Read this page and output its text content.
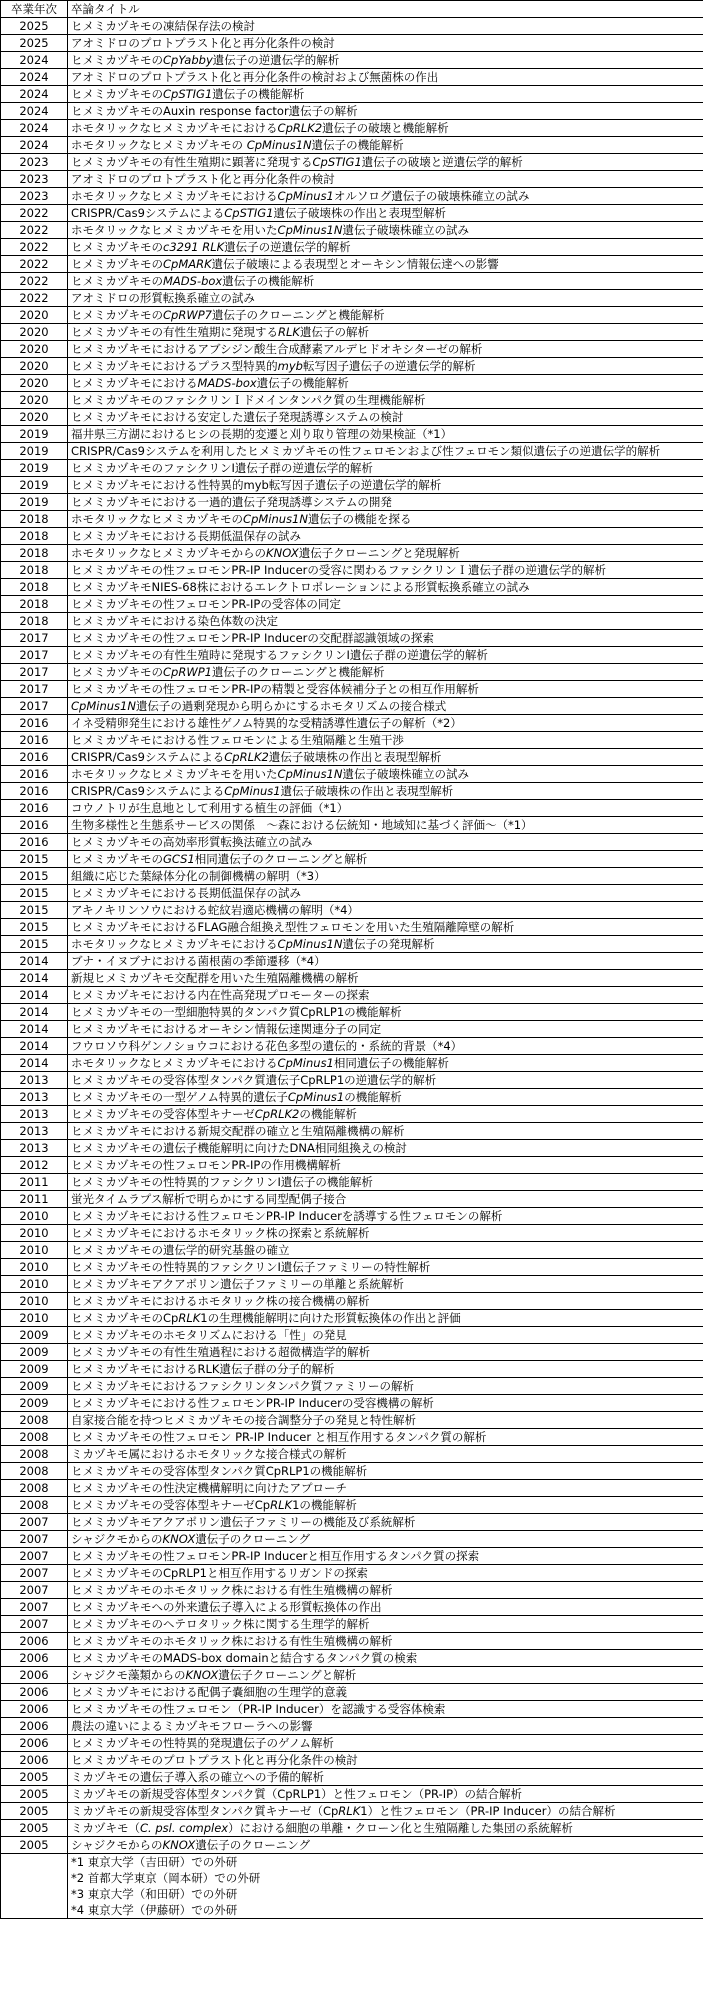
卒業年次	卒論タイトル
2025	ヒメミカヅキモの凍結保存法の検討
2025	アオミドロのプロトプラスト化と再分化条件の検討
2024	ヒメミカヅキモのCpYabby遺伝子の逆遺伝学的解析
2024	アオミドロのプロトプラスト化と再分化条件の検討および無菌株の作出
2024	ヒメミカヅキモのCpSTIG1遺伝子の機能解析
2024	ヒメミカヅキモのAuxin response factor遺伝子の解析
2024	ホモタリックなヒメミカヅキモにおけるCpRLK2遺伝子の破壊と機能解析
2024	ホモタリックなヒメミカヅキモの CpMinus1N遺伝子の機能解析
2023	ヒメミカヅキモの有性生殖期に顕著に発現するCpSTIG1遺伝子の破壊と逆遺伝学的解析
2023	アオミドロのプロトプラスト化と再分化条件の検討
2023	ホモタリックなヒメミカヅキモにおけるCpMinus1オルソログ遺伝子の破壊株確立の試み
2022	CRISPR/Cas9システムによるCpSTIG1遺伝子破壊株の作出と表現型解析
2022	ホモタリックなヒメミカヅキモを用いたCpMinus1N遺伝子破壊株確立の試み
2022	ヒメミカヅキモのc3291 RLK遺伝子の逆遺伝学的解析
2022	ヒメミカヅキモのCpMARK遺伝子破壊による表現型とオーキシン情報伝達への影響
2022	ヒメミカヅキモのMADS-box遺伝子の機能解析
2022	アオミドロの形質転換系確立の試み
2020	ヒメミカヅキモのCpRWP7遺伝子のクローニングと機能解析
2020	ヒメミカヅキモの有性生殖期に発現するRLK遺伝子の解析
2020	ヒメミカヅキモにおけるアブシジン酸生合成酵素アルデヒドオキシターゼの解析
2020	ヒメミカヅキモにおけるプラス型特異的myb転写因子遺伝子の逆遺伝学的解析
2020	ヒメミカヅキモにおけるMADS-box遺伝子の機能解析
2020	ヒメミカヅキモのファシクリンＩドメインタンパク質の生理機能解析
2020	ヒメミカヅキモにおける安定した遺伝子発現誘導システムの検討
2019	福井県三方湖におけるヒシの長期的変遷と刈り取り管理の効果検証（*1）
2019	CRISPR/Cas9システムを利用したヒメミカヅキモの性フェロモンおよび性フェロモン類似遺伝子の逆遺伝学的解析
2019	ヒメミカヅキモのファシクリンI遺伝子群の逆遺伝学的解析
2019	ヒメミカヅキモにおける性特異的myb転写因子遺伝子の逆遺伝学的解析
2019	ヒメミカヅキモにおける一過的遺伝子発現誘導システムの開発
2018	ホモタリックなヒメミカヅキモのCpMinus1N遺伝子の機能を探る
2018	ヒメミカヅキモにおける長期低温保存の試み
2018	ホモタリックなヒメミカヅキモからのKNOX遺伝子クローニングと発現解析
2018	ヒメミカヅキモの性フェロモンPR-IP Inducerの受容に関わるファシクリンＩ遺伝子群の逆遺伝学的解析
2018	ヒメミカヅキモNIES-68株におけるエレクトロポレーションによる形質転換系確立の試み
2018	ヒメミカヅキモの性フェロモンPR-IPの受容体の同定
2018	ヒメミカヅキモにおける染色体数の決定
2017	ヒメミカヅキモの性フェロモンPR-IP Inducerの交配群認識領域の探索
2017	ヒメミカヅキモの有性生殖時に発現するファシクリンI遺伝子群の逆遺伝学的解析
2017	ヒメミカヅキモのCpRWP1遺伝子のクローニングと機能解析
2017	ヒメミカヅキモの性フェロモンPR-IPの精製と受容体候補分子との相互作用解析
2017	CpMinus1N遺伝子の過剰発現から明らかにするホモタリズムの接合様式
2016	イネ受精卵発生における雄性ゲノム特異的な受精誘導性遺伝子の解析（*2）
2016	ヒメミカヅキモにおける性フェロモンによる生殖隔離と生殖干渉
2016	CRISPR/Cas9システムによるCpRLK2遺伝子破壊株の作出と表現型解析
2016	ホモタリックなヒメミカヅキモを用いたCpMinus1N遺伝子破壊株確立の試み
2016	CRISPR/Cas9システムによるCpMinus1遺伝子破壊株の作出と表現型解析
2016	コウノトリが生息地として利用する植生の評価（*1）
2016	生物多様性と生態系サービスの関係　～森における伝統知・地域知に基づく評価～（*1）
2016	ヒメミカヅキモの高効率形質転換法確立の試み
2015	ヒメミカヅキモのGCS1相同遺伝子のクローニングと解析
2015	組織に応じた葉緑体分化の制御機構の解明（*3）
2015	ヒメミカヅキモにおける長期低温保存の試み
2015	アキノキリンソウにおける蛇紋岩適応機構の解明（*4）
2015	ヒメミカヅキモにおけるFLAG融合組換え型性フェロモンを用いた生殖隔離障壁の解析
2015	ホモタリックなヒメミカヅキモにおけるCpMinus1N遺伝子の発現解析
2014	ブナ・イヌブナにおける菌根菌の季節遷移（*4）
2014	新規ヒメミカヅキモ交配群を用いた生殖隔離機構の解析
2014	ヒメミカヅキモにおける内在性高発現プロモーターの探索
2014	ヒメミカヅキモの一型細胞特異的タンパク質CpRLP1の機能解析
2014	ヒメミカヅキモにおけるオーキシン情報伝達関連分子の同定
2014	フウロソウ科ゲンノショウコにおける花色多型の遺伝的・系統的背景（*4）
2014	ホモタリックなヒメミカヅキモにおけるCpMinus1相同遺伝子の機能解析
2013	ヒメミカヅキモの受容体型タンパク質遺伝子CpRLP1の逆遺伝学的解析
2013	ヒメミカヅキモの一型ゲノム特異的遺伝子CpMinus1の機能解析
2013	ヒメミカヅキモの受容体型キナーゼCpRLK2の機能解析
2013	ヒメミカヅキモにおける新規交配群の確立と生殖隔離機構の解析
2013	ヒメミカヅキモの遺伝子機能解明に向けたDNA相同組換えの検討
2012	ヒメミカヅキモの性フェロモンPR-IPの作用機構解析
2011	ヒメミカヅキモの性特異的ファシクリンI遺伝子の機能解析
2011	蛍光タイムラプス解析で明らかにする同型配偶子接合
2010	ヒメミカヅキモにおける性フェロモンPR-IP Inducerを誘導する性フェロモンの解析
2010	ヒメミカヅキモにおけるホモタリック株の探索と系統解析
2010	ヒメミカヅキモの遺伝学的研究基盤の確立
2010	ヒメミカヅキモの性特異的ファシクリンI遺伝子ファミリーの特性解析
2010	ヒメミカヅキモアクアポリン遺伝子ファミリーの単離と系統解析
2010	ヒメミカヅキモにおけるホモタリック株の接合機構の解析
2010	ヒメミカヅキモのCpRLK1の生理機能解明に向けた形質転換体の作出と評価
2009	ヒメミカヅキモのホモタリズムにおける「性」の発見
2009	ヒメミカヅキモの有性生殖過程における超微構造学的解析
2009	ヒメミカヅキモにおけるRLK遺伝子群の分子的解析
2009	ヒメミカヅキモにおけるファシクリンタンパク質ファミリーの解析
2009	ヒメミカヅキモにおける性フェロモンPR-IP Inducerの受容機構の解析
2008	自家接合能を持つヒメミカヅキモの接合調整分子の発見と特性解析
2008	ヒメミカヅキモの性フェロモン PR-IP Inducer と相互作用するタンパク質の解析
2008	ミカヅキモ属におけるホモタリックな接合様式の解析
2008	ヒメミカヅキモの受容体型タンパク質CpRLP1の機能解析
2008	ヒメミカヅキモの性決定機構解明に向けたアプローチ
2008	ヒメミカヅキモの受容体型キナーゼCpRLK1の機能解析
2007	ヒメミカヅキモアクアポリン遺伝子ファミリーの機能及び系統解析
2007	シャジクモからのKNOX遺伝子のクローニング
2007	ヒメミカヅキモの性フェロモンPR-IP Inducerと相互作用するタンパク質の探索
2007	ヒメミカヅキモのCpRLP1と相互作用するリガンドの探索
2007	ヒメミカヅキモのホモタリック株における有性生殖機構の解析
2007	ヒメミカヅキモへの外来遺伝子導入による形質転換体の作出
2007	ヒメミカヅキモのヘテロタリック株に関する生理学的解析
2006	ヒメミカヅキモのホモタリック株における有性生殖機構の解析
2006	ヒメミカヅキモのMADS-box domainと結合するタンパク質の検索
2006	シャジクモ藻類からのKNOX遺伝子クローニングと解析
2006	ヒメミカヅキモにおける配偶子嚢細胞の生理学的意義
2006	ヒメミカヅキモの性フェロモン（PR-IP Inducer）を認識する受容体検索
2006	農法の違いによるミカヅキモフローラへの影響
2006	ヒメミカヅキモの性特異的発現遺伝子のゲノム解析
2006	ヒメミカヅキモのプロトプラスト化と再分化条件の検討
2005	ミカヅキモの遺伝子導入系の確立への予備的解析
2005	ミカヅキモの新規受容体型タンパク質（CpRLP1）と性フェロモン（PR-IP）の結合解析
2005	ミカヅキモの新規受容体型タンパク質キナーゼ（CpRLK1）と性フェロモン（PR-IP Inducer）の結合解析
2005	ミカヅキモ（C. psl. complex）における細胞の単離・クローン化と生殖隔離した集団の系統解析
2005	シャジクモからのKNOX遺伝子のクローニング
	*1 東京大学（吉田研）での外研
	*2 首都大学東京（岡本研）での外研
	*3 東京大学（和田研）での外研
	*4 東京大学（伊藤研）での外研
